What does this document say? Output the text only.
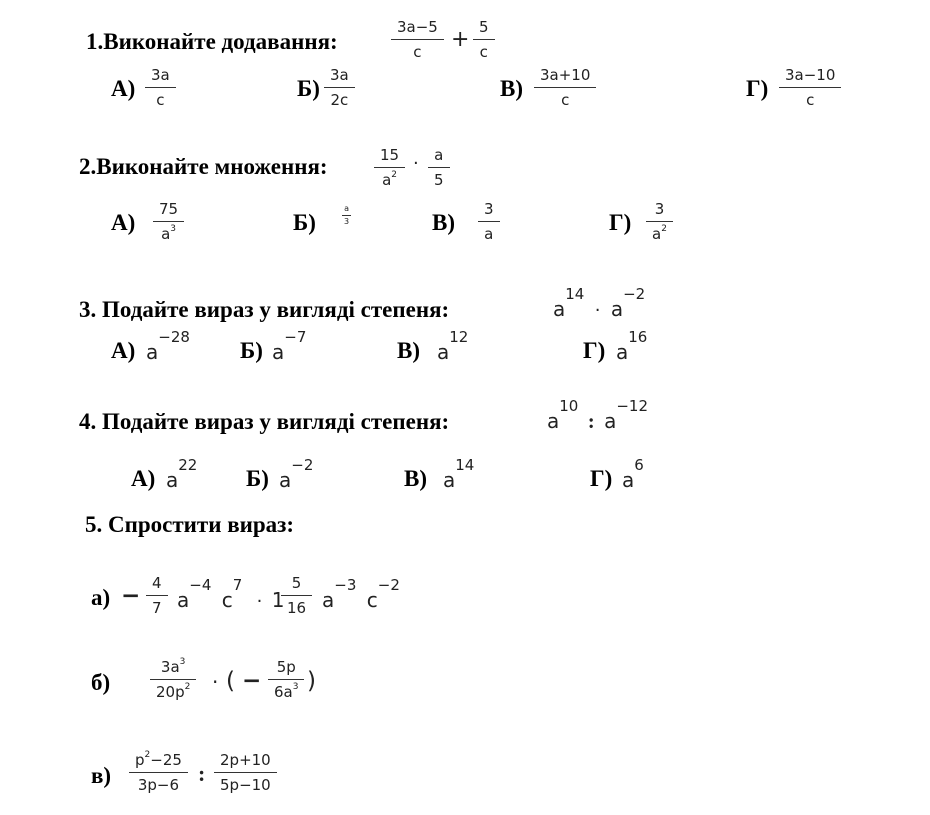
1.Виконайте додавання:
3a−5
c + 5
c
А)
3a
c	Б)
3a
2c	В)
3a+10
c	Г)
3a−10
c
2.Виконайте множення:	15
$a^2$
·	a
5
А)
75
$a^3$	Б)
a
3	В)
3
a	Г)
3
$a^2$
3. Подайте вираз у вигляді степеня:	$a^{14} \cdot a^{-2}$
А) $a^{-28}$
Б) $a^{-7}$
В) $a^{12}$
Г) $a^{16}$
4. Подайте вираз у вигляді степеня:	$a^{10}$ : $a^{-12}$
А) $a^{22}$
Б) $a^{-2}$
В) $a^{14}$
Г) $a^6$
5. Спростити вираз:
а) − 4
7 $a^{-4}$ $c^7 \cdot 1$
5
16 $a^{-3}$ $c^{-2}$
б)
$3a^3$
$20p^2$	· ( −
5p
$6a^3$ )
в)
$p^2-25$
3p−6 :
2p+10
5p−10
